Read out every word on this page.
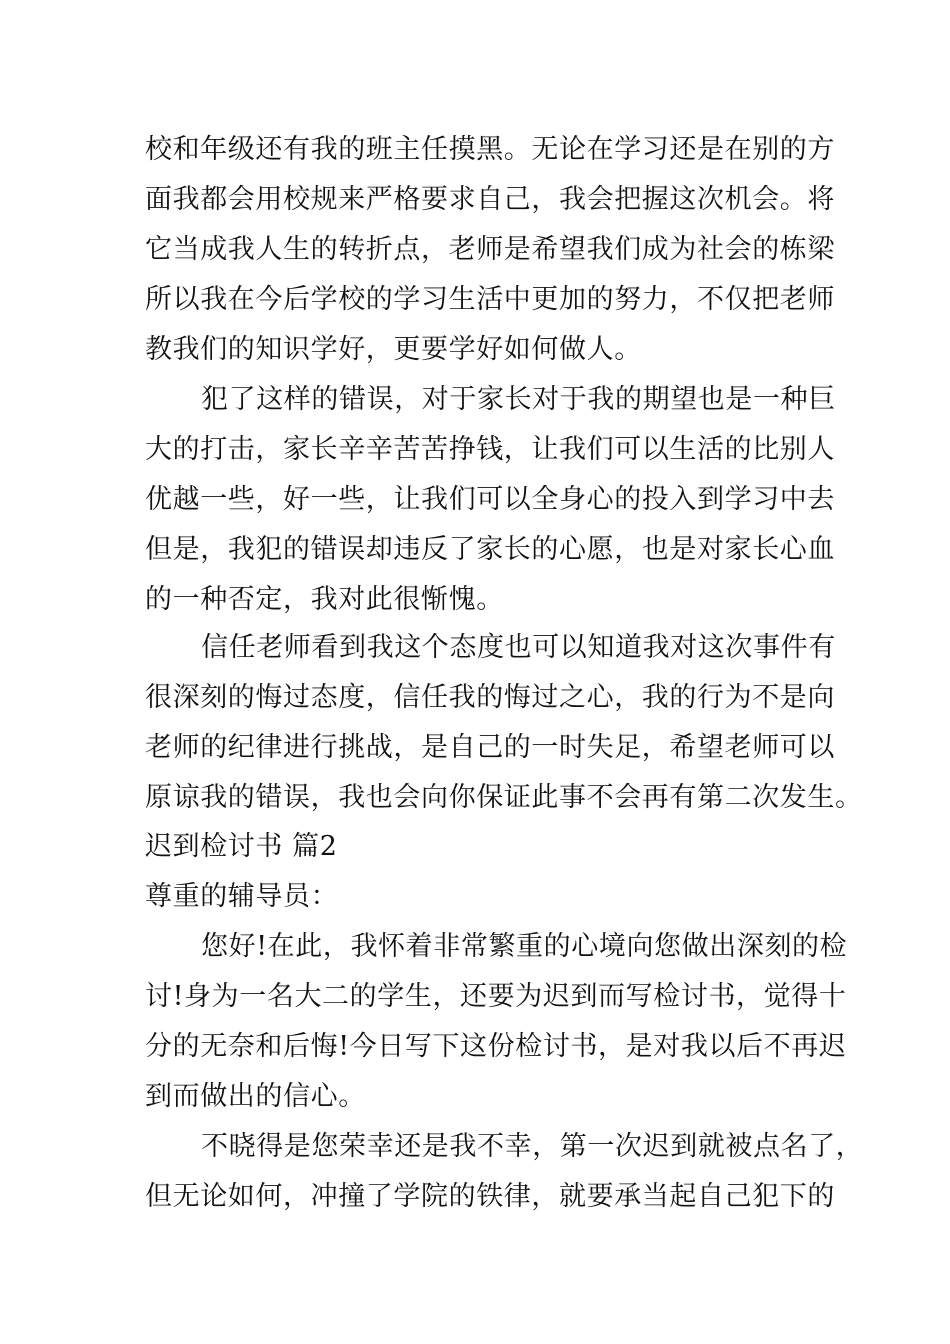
校和年级还有我的班主任摸黑。无论在学习还是在别的方
面我都会用校规来严格要求自己，我会把握这次机会。将
它当成我人生的转折点，老师是希望我们成为社会的栋梁
所以我在今后学校的学习生活中更加的努力，不仅把老师
教我们的知识学好，更要学好如何做人。
犯了这样的错误，对于家长对于我的期望也是一种巨
大的打击，家长辛辛苦苦挣钱，让我们可以生活的比别人
优越一些，好一些，让我们可以全身心的投入到学习中去
但是，我犯的错误却违反了家长的心愿，也是对家长心血
的一种否定，我对此很惭愧。
信任老师看到我这个态度也可以知道我对这次事件有
很深刻的悔过态度，信任我的悔过之心，我的行为不是向
老师的纪律进行挑战，是自己的一时失足，希望老师可以
原谅我的错误，我也会向你保证此事不会再有第二次发生。
迟到检讨书 篇2
尊重的辅导员：
您好!在此，我怀着非常繁重的心境向您做出深刻的检
讨!身为一名大二的学生，还要为迟到而写检讨书，觉得十
分的无奈和后悔!今日写下这份检讨书，是对我以后不再迟
到而做出的信心。
不晓得是您荣幸还是我不幸，第一次迟到就被点名了，
但无论如何，冲撞了学院的铁律，就要承当起自己犯下的
